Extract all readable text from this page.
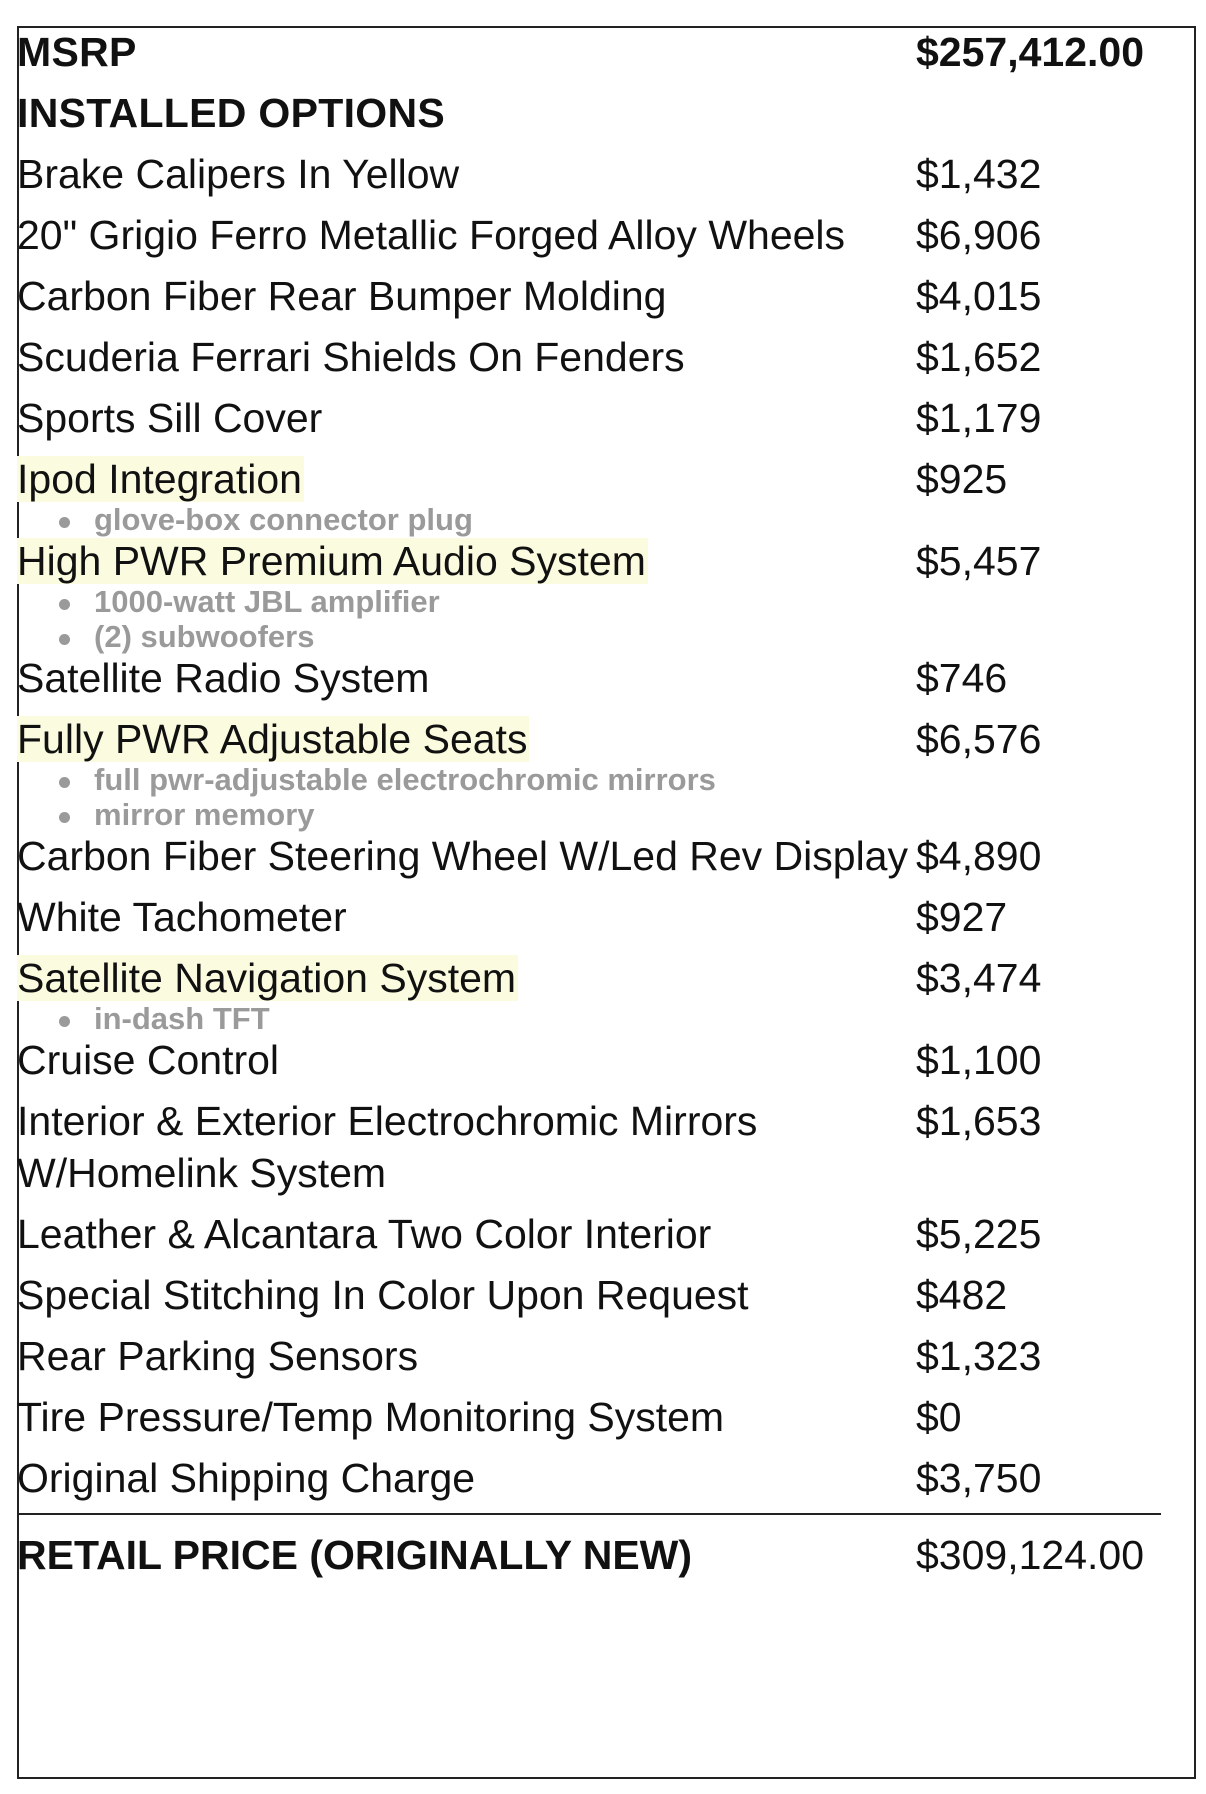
MSRP	$257,412.00
INSTALLED OPTIONS
Brake Calipers In Yellow	$1,432
20" Grigio Ferro Metallic Forged Alloy Wheels	$6,906
Carbon Fiber Rear Bumper Molding	$4,015
Scuderia Ferrari Shields On Fenders	$1,652
Sports Sill Cover	$1,179
Ipod Integration	$925
glove-box connector plug
High PWR Premium Audio System	$5,457
1000-watt JBL amplifier
(2) subwoofers
Satellite Radio System	$746
Fully PWR Adjustable Seats	$6,576
full pwr-adjustable electrochromic mirrors
mirror memory
Carbon Fiber Steering Wheel W/Led Rev Display $4,890
White Tachometer	$927
Satellite Navigation System	$3,474
in-dash TFT
Cruise Control	$1,100
Interior & Exterior Electrochromic Mirrors W/Homelink System
$1,653
Leather & Alcantara Two Color Interior	$5,225
Special Stitching In Color Upon Request	$482
Rear Parking Sensors	$1,323
Tire Pressure/Temp Monitoring System	$0
Original Shipping Charge	$3,750
RETAIL PRICE (ORIGINALLY NEW)	$309,124.00
